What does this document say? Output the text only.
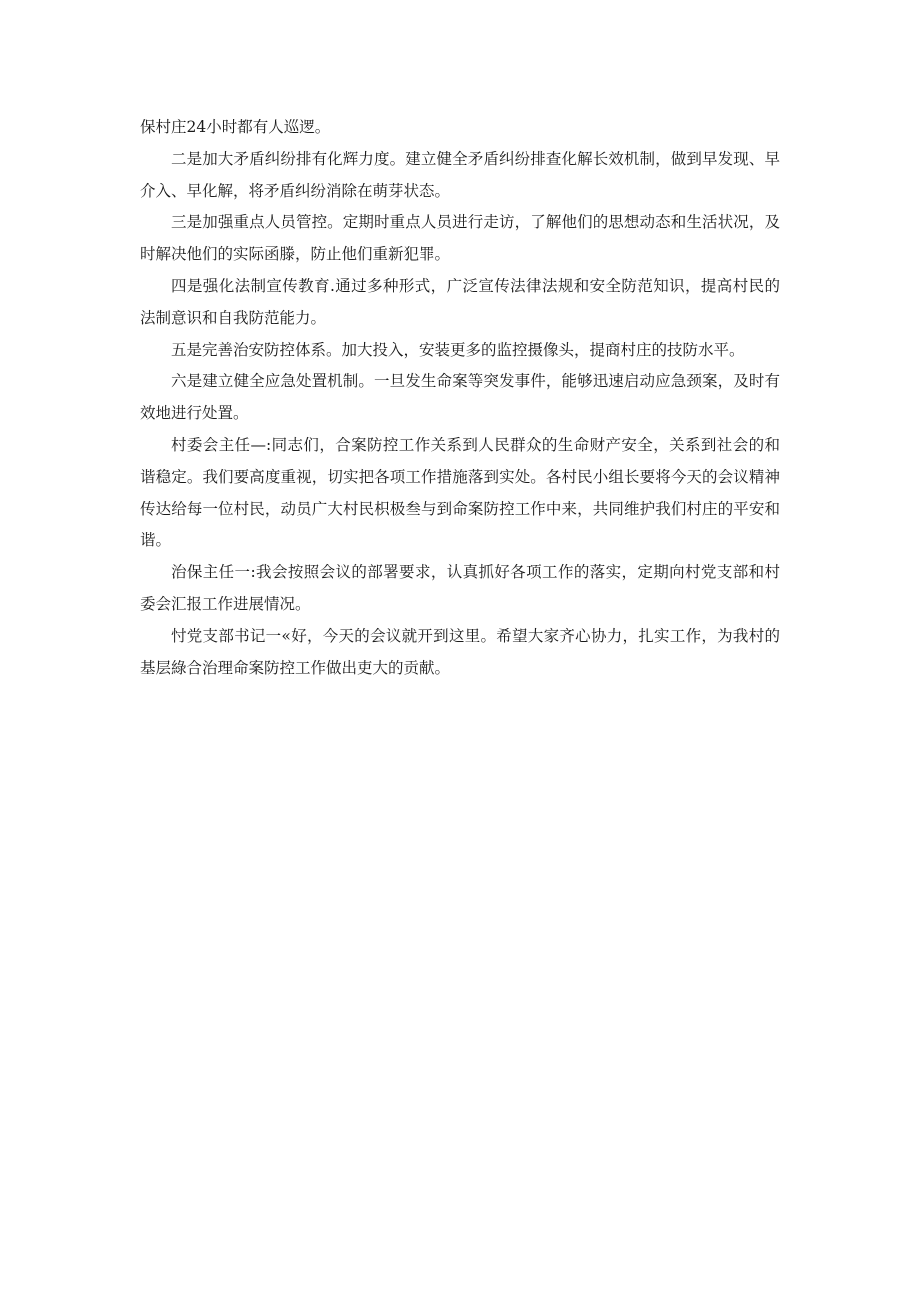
保村庄24小时都有人巡逻。

二是加大矛盾纠纷排有化辉力度。建立健全矛盾纠纷排查化解长效机制，做到早发现、早介入、早化解，将矛盾纠纷消除在萌芽状态。

三是加强重点人员管控。定期时重点人员进行走访，了解他们的思想动态和生活状况，及时解决他们的实际函滕，防止他们重新犯罪。

四是强化法制宣传教育.通过多种形式，广泛宣传法律法规和安全防范知识，提高村民的法制意识和自我防范能力。

五是完善治安防控体系。加大投入，安装更多的监控摄像头，提商村庄的技防水平。

六是建立健全应急处置机制。一旦发生命案等突发事件，能够迅速启动应急颈案，及时有效地进行处置。

村委会主任—:同志们，合案防控工作关系到人民群众的生命财产安全，关系到社会的和谐稳定。我们要高度重视，切实把各项工作措施落到实处。各村民小组长要将今天的会议精神传达给每一位村民，动员广大村民枳极叁与到命案防控工作中来，共同维护我们村庄的平安和谐。

治保主任一:我会按照会议的部署要求，认真抓好各项工作的落实，定期向村党支部和村委会汇报工作进展情况。

忖党支部书记一«好，今天的会议就开到这里。希望大家齐心协力，扎实工作，为我村的基层綠合治理命案防控工作做出吏大的贡献。
